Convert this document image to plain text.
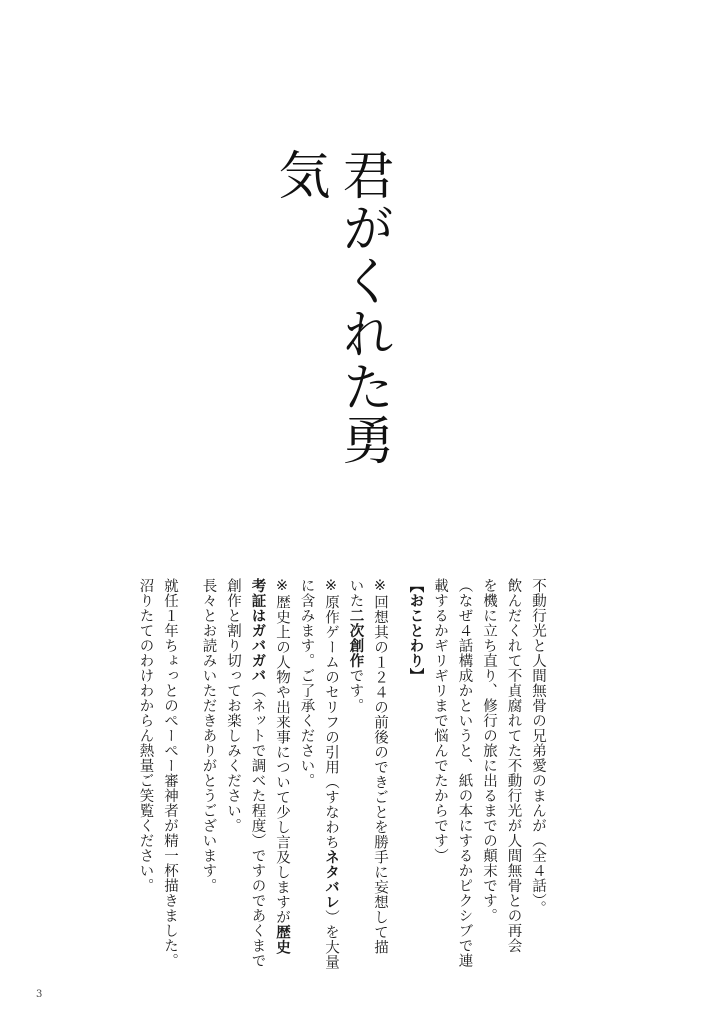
君がくれた勇気
不動行光と人間無骨の兄弟愛のまんが（全４話）。
飲んだくれて不貞腐れてた不動行光が人間無骨との再会
を機に立ち直り、修行の旅に出るまでの顛末です。
（なぜ４話構成かというと、紙の本にするかピクシブで連
載するかギリギリまで悩んでたからです）
【おことわり】
※回想其の１２４の前後のできごとを勝手に妄想して描
いた二次創作です。
※原作ゲームのセリフの引用（すなわちネタバレ）を大量
に含みます。ご了承ください。
※歴史上の人物や出来事について少し言及しますが歴史
考証はガバガバ（ネットで調べた程度）ですのであくまで
創作と割り切ってお楽しみください。
長々とお読みいただきありがとうございます。
就任１年ちょっとのぺーぺー審神者が精一杯描きました。
沼りたてのわけわからん熱量ご笑覧ください。
3
